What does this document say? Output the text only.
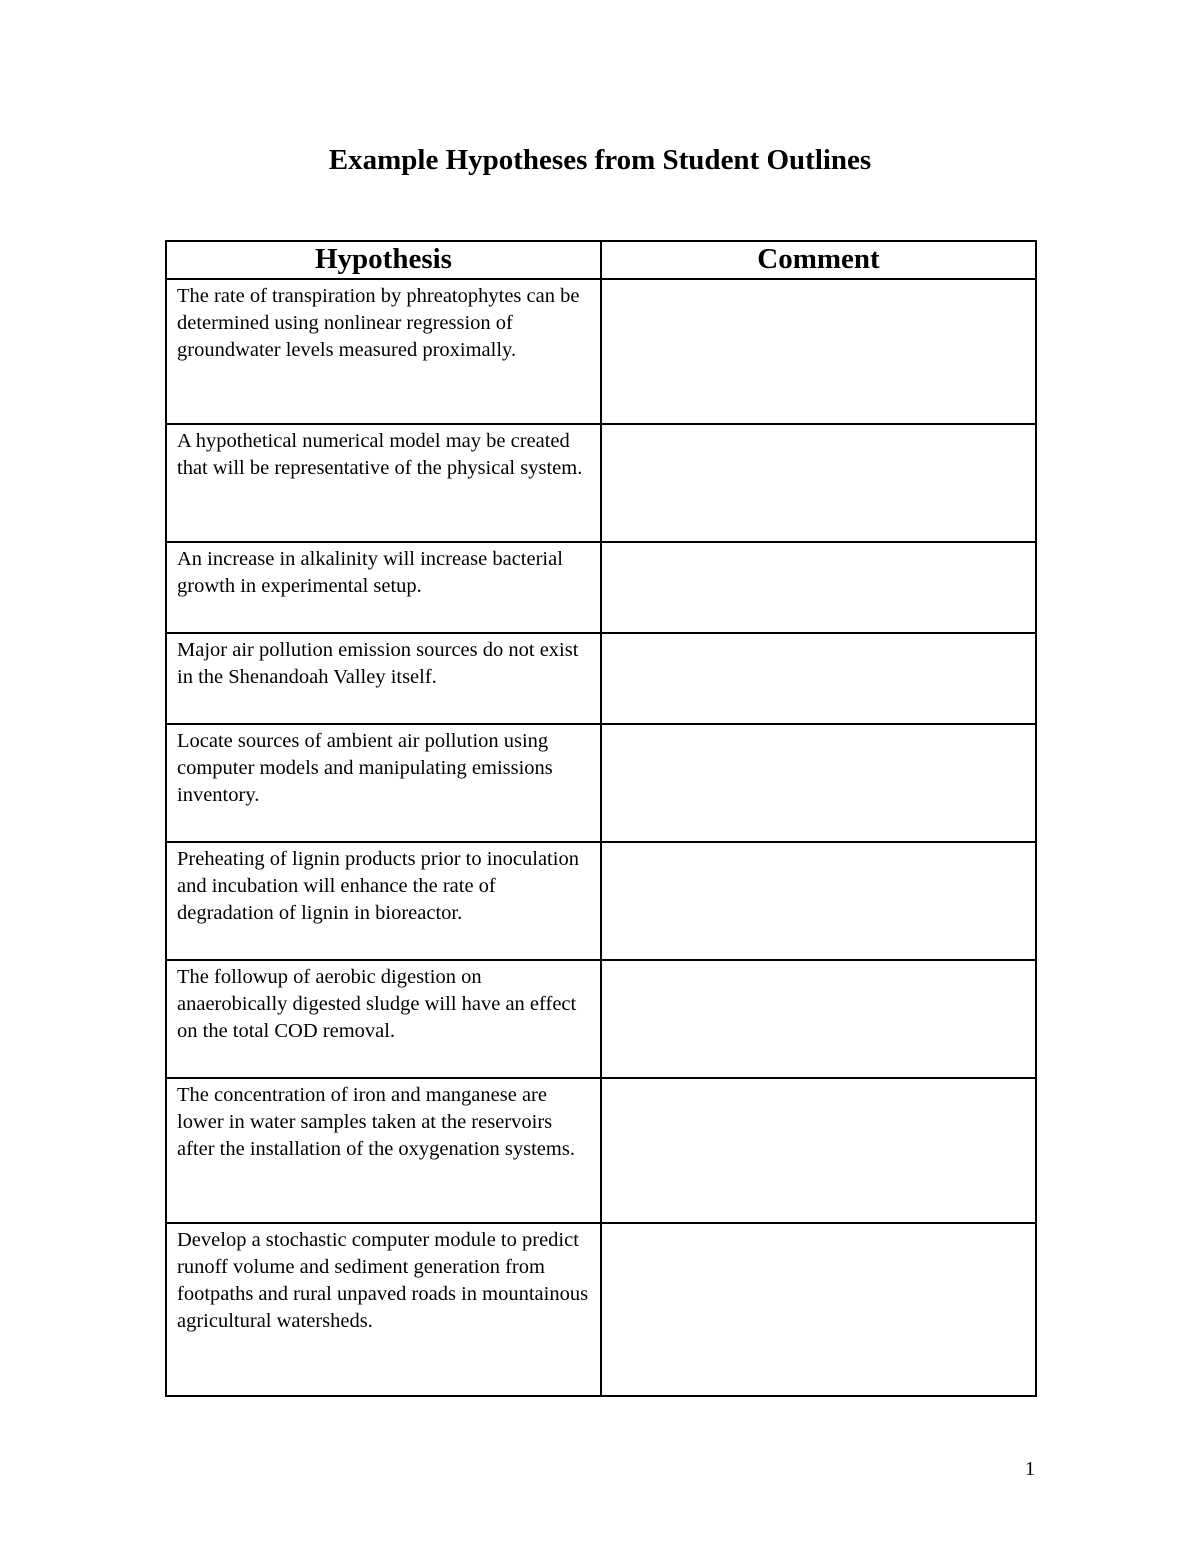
Example Hypotheses from Student Outlines
Hypothesis	Comment
The rate of transpiration by phreatophytes can be determined using nonlinear regression of groundwater levels measured proximally.	
A hypothetical numerical model may be created that will be representative of the physical system.	
An increase in alkalinity will increase bacterial growth in experimental setup.	
Major air pollution emission sources do not exist in the Shenandoah Valley itself.	
Locate sources of ambient air pollution using computer models and manipulating emissions inventory.	
Preheating of lignin products prior to inoculation and incubation will enhance the rate of degradation of lignin in bioreactor.	
The followup of aerobic digestion on anaerobically digested sludge will have an effect on the total COD removal.	
The concentration of iron and manganese are lower in water samples taken at the reservoirs after the installation of the oxygenation systems.	
Develop a stochastic computer module to predict runoff volume and sediment generation from footpaths and rural unpaved roads in mountainous agricultural watersheds.	
1
